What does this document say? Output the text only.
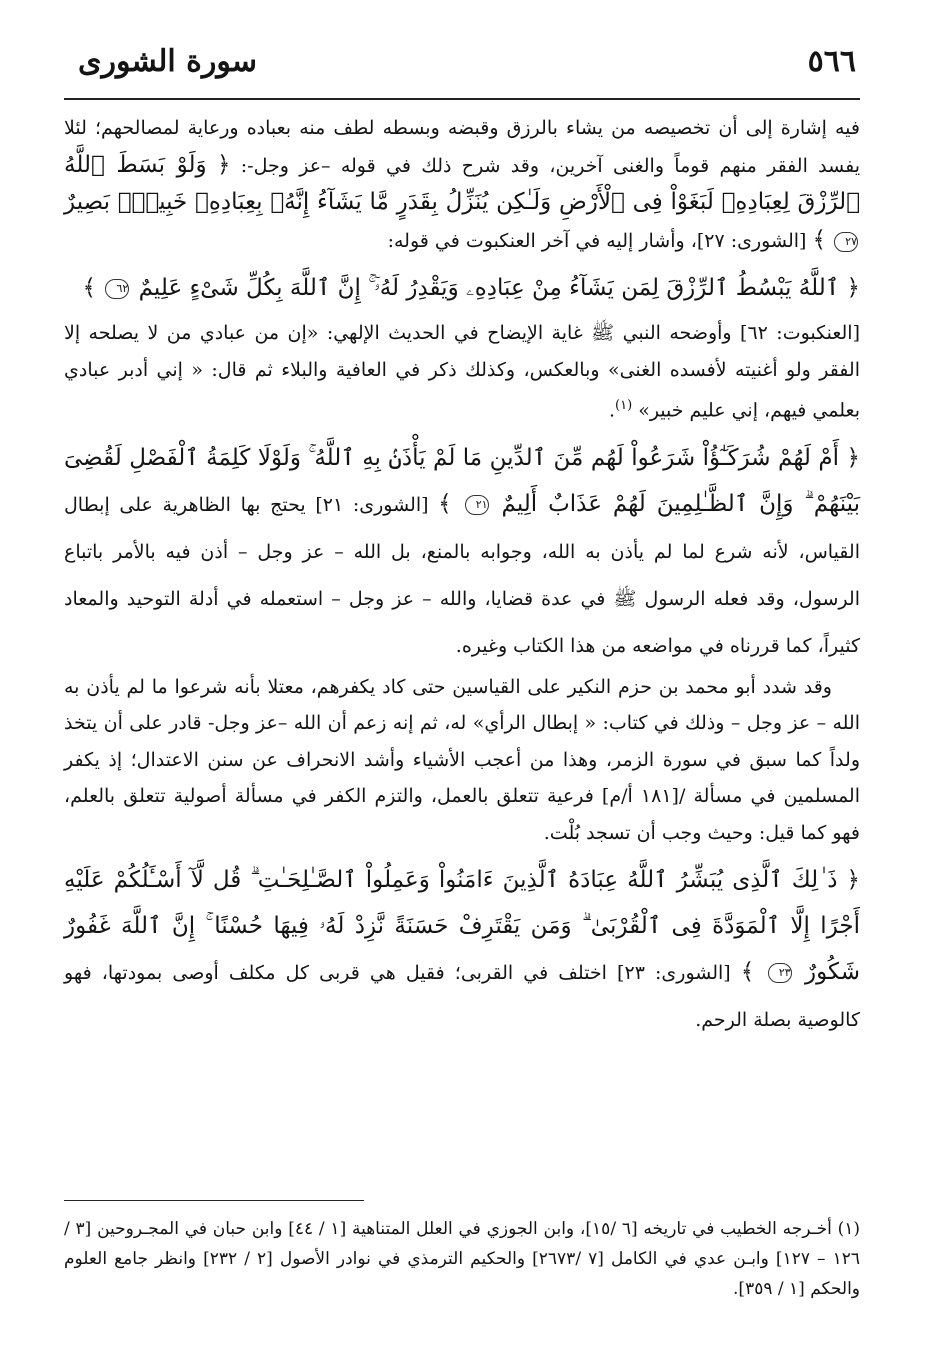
٥٦٦
سورة الشورى

فيه إشارة إلى أن تخصيصه من يشاء بالرزق وقبضه وبسطه لطف منه بعباده ورعاية لمصالحهم؛ لئلا يفسد الفقر منهم قوماً والغنى آخرين، وقد شرح ذلك في قوله –عز وجل-: ﴿ وَلَوْ بَسَطَ ٱللَّهُ ٱلرِّزْقَ لِعِبَادِهِۦ لَبَغَوْاْ فِى ٱلْأَرْضِ وَلَـٰكِن يُنَزِّلُ بِقَدَرٍ مَّا يَشَآءُ إِنَّهُۥ بِعِبَادِهِۦ خَبِيرٌۢ بَصِيرٌ ٢٧ ﴾ [الشورى: ٢٧]، وأشار إليه في آخر العنكبوت في قوله:

﴿ ٱللَّهُ يَبْسُطُ ٱلرِّزْقَ لِمَن يَشَآءُ مِنْ عِبَادِهِۦ وَيَقْدِرُ لَهُۥٓ ۚ إِنَّ ٱللَّهَ بِكُلِّ شَىْءٍ عَلِيمٌ ٦٢ ﴾

[العنكبوت: ٦٢] وأوضحه النبي ﷺ غاية الإيضاح في الحديث الإلهي: «إن من عبادي من لا يصلحه إلا الفقر ولو أغنيته لأفسده الغنى» وبالعكس، وكذلك ذكر في العافية والبلاء ثم قال: « إني أدبر عبادي بعلمي فيهم، إني عليم خبير» $^{(١)}$.

﴿ أَمْ لَهُمْ شُرَكَـٰٓؤُاْ شَرَعُواْ لَهُم مِّنَ ٱلدِّينِ مَا لَمْ يَأْذَنۢ بِهِ ٱللَّهُ ۚ وَلَوْلَا كَلِمَةُ ٱلْفَصْلِ لَقُضِىَ بَيْنَهُمْ ۗ وَإِنَّ ٱلظَّـٰلِمِينَ لَهُمْ عَذَابٌ أَلِيمٌ ٢١ ﴾ [الشورى: ٢١] يحتج بها الظاهرية على إبطال القياس، لأنه شرع لما لم يأذن به الله، وجوابه بالمنع، بل الله – عز وجل – أذن فيه بالأمر باتباع الرسول، وقد فعله الرسول ﷺ في عدة قضايا، والله – عز وجل – استعمله في أدلة التوحيد والمعاد كثيراً، كما قررناه في مواضعه من هذا الكتاب وغيره.

وقد شدد أبو محمد بن حزم النكير على القياسين حتى كاد يكفرهم، معتلا بأنه شرعوا ما لم يأذن به الله – عز وجل – وذلك في كتاب: « إبطال الرأي» له، ثم إنه زعم أن الله –عز وجل- قادر على أن يتخذ ولداً كما سبق في سورة الزمر، وهذا من أعجب الأشياء وأشد الانحراف عن سنن الاعتدال؛ إذ يكفر المسلمين في مسألة /[١٨١ أ/م] فرعية تتعلق بالعمل، والتزم الكفر في مسألة أصولية تتعلق بالعلم، فهو كما قيل: وحيث وجب أن تسجد بُلْت.

﴿ ذَ ٰلِكَ ٱلَّذِى يُبَشِّرُ ٱللَّهُ عِبَادَهُ ٱلَّذِينَ ءَامَنُواْ وَعَمِلُواْ ٱلصَّـٰلِحَـٰتِ ۗ قُل لَّآ أَسْـَٔلُكُمْ عَلَيْهِ أَجْرًا إِلَّا ٱلْمَوَدَّةَ فِى ٱلْقُرْبَىٰ ۗ وَمَن يَقْتَرِفْ حَسَنَةً نَّزِدْ لَهُۥ فِيهَا حُسْنًا ۚ إِنَّ ٱللَّهَ غَفُورٌ شَكُورٌ ٢٣ ﴾ [الشورى: ٢٣] اختلف في القربى؛ فقيل هي قربى كل مكلف أوصى بمودتها، فهو كالوصية بصلة الرحم.

(١) أخـرجه الخطيب في تاريخه [٦ /١٥]، وابن الجوزي في العلل المتناهية [١ / ٤٤] وابن حبان في المجـروحين [٣ / ١٢٦ – ١٢٧] وابـن عدي في الكامل [٧ /٢٦٧٣] والحكيم الترمذي في نوادر الأصول [٢ / ٢٣٢] وانظر جامع العلوم والحكم [١ / ٣٥٩].
